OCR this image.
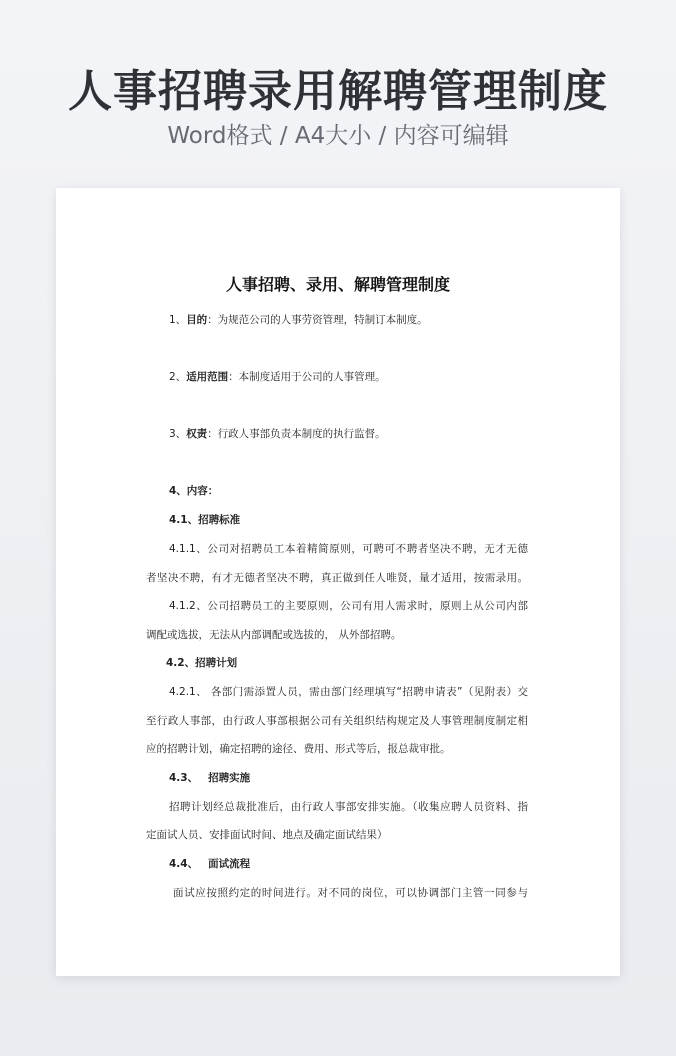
人事招聘录用解聘管理制度
Word格式 / A4大小 / 内容可编辑
人事招聘、录用、解聘管理制度
1、目的：为规范公司的人事劳资管理，特制订本制度。
2、适用范围：本制度适用于公司的人事管理。
3、权责：行政人事部负责本制度的执行监督。
4、内容：
4.1、招聘标准
4.1.1、公司对招聘员工本着精简原则，可聘可不聘者坚决不聘，无才无德
者坚决不聘，有才无德者坚决不聘，真正做到任人唯贤，量才适用，按需录用。
4.1.2、公司招聘员工的主要原则，公司有用人需求时，原则上从公司内部
调配或选拔，无法从内部调配或选拔的， 从外部招聘。
4.2、招聘计划
4.2.1、 各部门需添置人员，需由部门经理填写“招聘申请表”（见附表）交
至行政人事部，由行政人事部根据公司有关组织结构规定及人事管理制度制定相
应的招聘计划，确定招聘的途径、费用、形式等后，报总裁审批。
4.3、 招聘实施
招聘计划经总裁批准后，由行政人事部安排实施。（收集应聘人员资料、指
定面试人员、安排面试时间、地点及确定面试结果）
4.4、 面试流程
面试应按照约定的时间进行。对不同的岗位，可以协调部门主管一同参与
